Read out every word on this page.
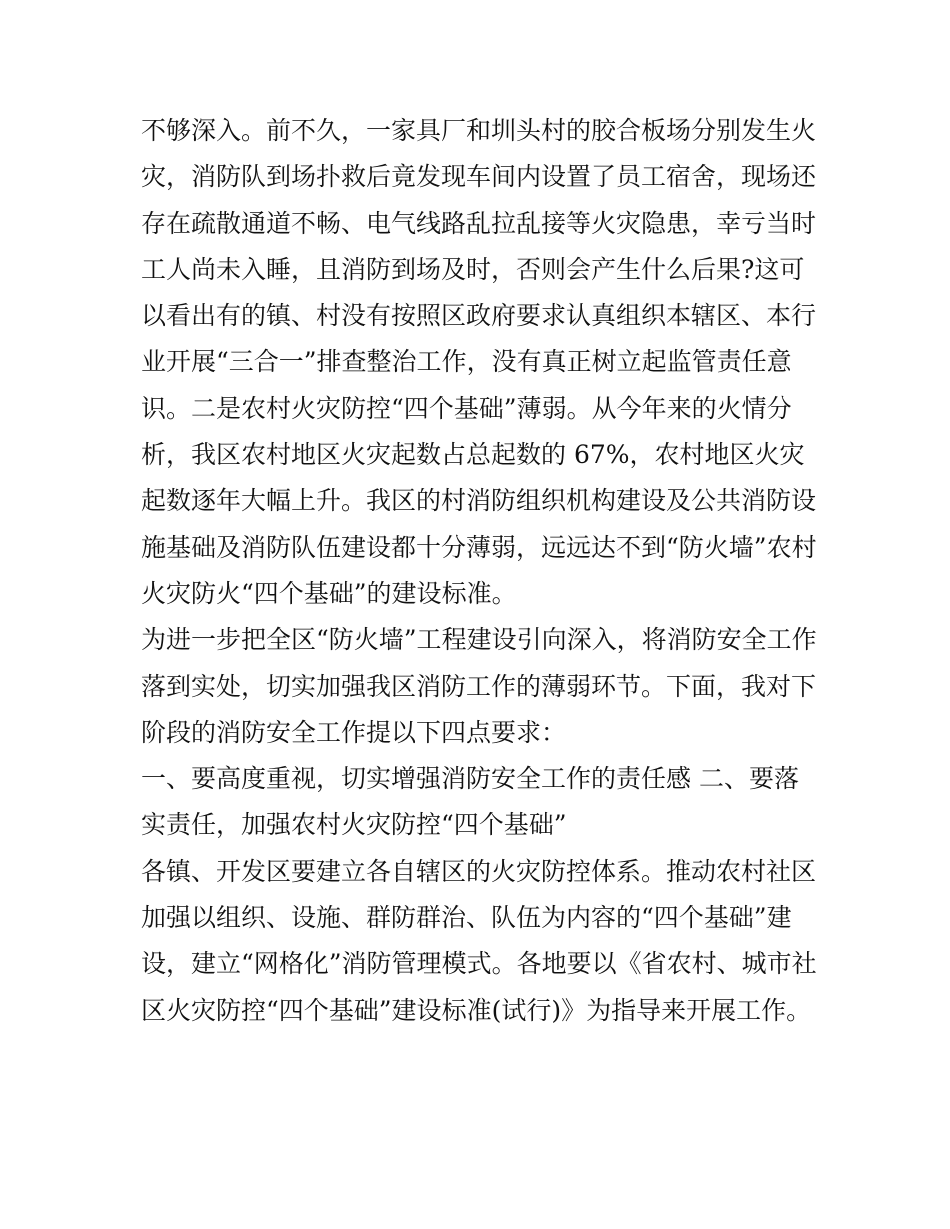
不够深入。前不久，一家具厂和圳头村的胶合板场分别发生火
灾，消防队到场扑救后竟发现车间内设置了员工宿舍，现场还
存在疏散通道不畅、电气线路乱拉乱接等火灾隐患，幸亏当时
工人尚未入睡，且消防到场及时，否则会产生什么后果?这可
以看出有的镇、村没有按照区政府要求认真组织本辖区、本行
业开展“三合一”排查整治工作，没有真正树立起监管责任意
识。二是农村火灾防控“四个基础”薄弱。从今年来的火情分
析，我区农村地区火灾起数占总起数的 67%，农村地区火灾
起数逐年大幅上升。我区的村消防组织机构建设及公共消防设
施基础及消防队伍建设都十分薄弱，远远达不到“防火墙”农村
火灾防火“四个基础”的建设标准。
为进一步把全区“防火墙”工程建设引向深入，将消防安全工作
落到实处，切实加强我区消防工作的薄弱环节。下面，我对下
阶段的消防安全工作提以下四点要求：
一、要高度重视，切实增强消防安全工作的责任感 二、要落
实责任，加强农村火灾防控“四个基础”
各镇、开发区要建立各自辖区的火灾防控体系。推动农村社区
加强以组织、设施、群防群治、队伍为内容的“四个基础”建
设，建立“网格化”消防管理模式。各地要以《省农村、城市社
区火灾防控“四个基础”建设标准(试行)》为指导来开展工作。
